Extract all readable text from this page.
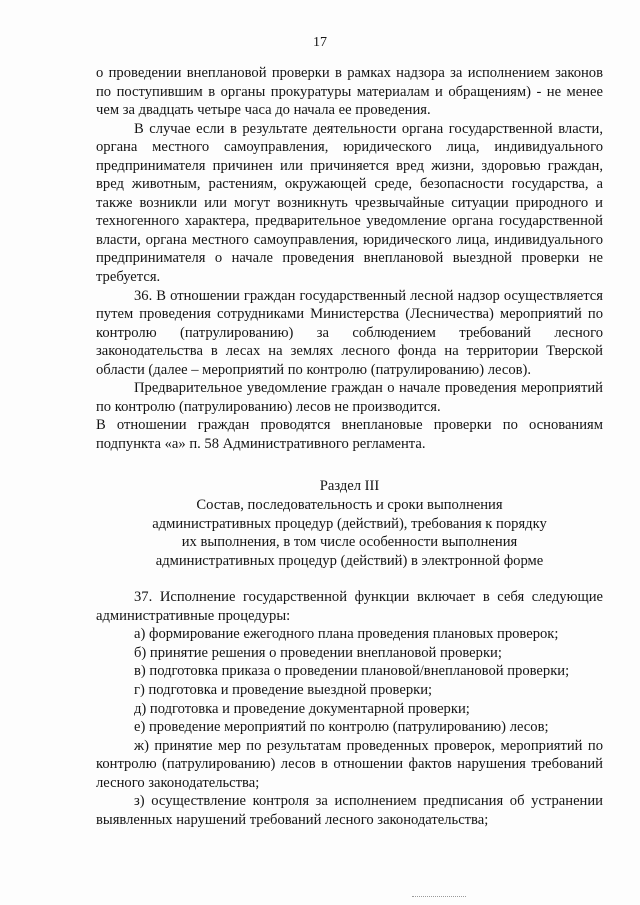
17

о проведении внеплановой проверки в рамках надзора за исполнением законов по поступившим в органы прокуратуры материалам и обращениям) - не менее чем за двадцать четыре часа до начала ее проведения.

В случае если в результате деятельности органа государственной власти, органа местного самоуправления, юридического лица, индивидуального предпринимателя причинен или причиняется вред жизни, здоровью граждан, вред животным, растениям, окружающей среде, безопасности государства, а также возникли или могут возникнуть чрезвычайные ситуации природного и техногенного характера, предварительное уведомление органа государственной власти, органа местного самоуправления, юридического лица, индивидуального предпринимателя о начале проведения внеплановой выездной проверки не требуется.

36. В отношении граждан государственный лесной надзор осуществляется путем проведения сотрудниками Министерства (Лесничества) мероприятий по контролю (патрулированию) за соблюдением требований лесного законодательства в лесах на землях лесного фонда на территории Тверской области (далее – мероприятий по контролю (патрулированию) лесов).

Предварительное уведомление граждан о начале проведения мероприятий по контролю (патрулированию) лесов не производится.

В отношении граждан проводятся внеплановые проверки по основаниям подпункта «а» п. 58 Административного регламента.

Раздел III
Состав, последовательность и сроки выполнения
административных процедур (действий), требования к порядку
их выполнения, в том числе особенности выполнения
административных процедур (действий) в электронной форме

37. Исполнение государственной функции включает в себя следующие административные процедуры:

а) формирование ежегодного плана проведения плановых проверок;

б) принятие решения о проведении внеплановой проверки;

в) подготовка приказа о проведении плановой/внеплановой проверки;

г) подготовка и проведение выездной проверки;

д) подготовка и проведение документарной проверки;

е) проведение мероприятий по контролю (патрулированию) лесов;

ж) принятие мер по результатам проведенных проверок, мероприятий по контролю (патрулированию) лесов в отношении фактов нарушения требований лесного законодательства;

з) осуществление контроля за исполнением предписания об устранении выявленных нарушений требований лесного законодательства;
